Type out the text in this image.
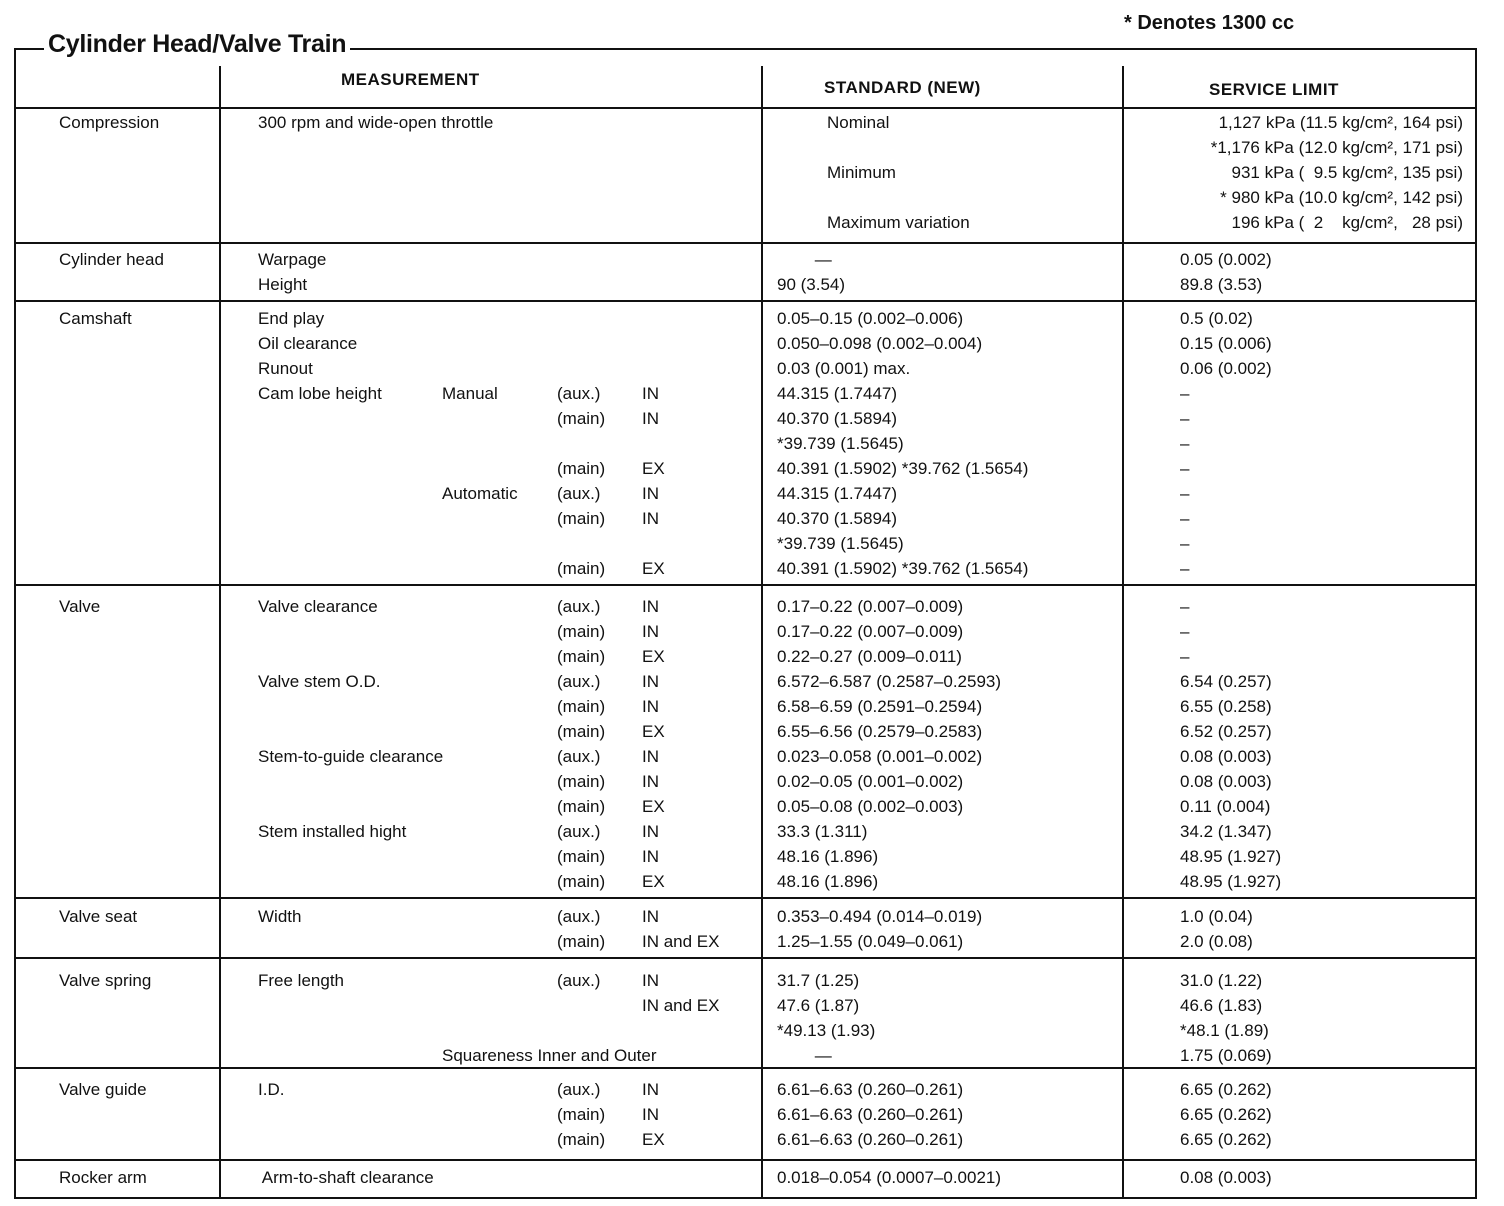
* Denotes 1300 cc
Cylinder Head/Valve Train
MEASUREMENT	STANDARD (NEW)	SERVICE LIMIT
Compression	300 rpm and wide-open throttle	Nominal	1,127 kPa (11.5 kg/cm², 164 psi)
*1,176 kPa (12.0 kg/cm², 171 psi)
Minimum	931 kPa (  9.5 kg/cm², 135 psi)
* 980 kPa (10.0 kg/cm², 142 psi)
Maximum variation	196 kPa (  2    kg/cm²,   28 psi)
Cylinder head	Warpage	—	0.05 (0.002)
Height	90 (3.54)	89.8 (3.53)
Camshaft	End play	0.05–0.15 (0.002–0.006)	0.5 (0.02)
Oil clearance	0.050–0.098 (0.002–0.004)	0.15 (0.006)
Runout	0.03 (0.001) max.	0.06 (0.002)
Cam lobe height	Manual	(aux.) IN	44.315 (1.7447)	–
(main) IN	40.370 (1.5894)	–
*39.739 (1.5645)	–
(main) EX	40.391 (1.5902) *39.762 (1.5654)	–
Automatic (aux.) IN	44.315 (1.7447)	–
(main) IN	40.370 (1.5894)	–
*39.739 (1.5645)	–
(main) EX	40.391 (1.5902) *39.762 (1.5654)	–
Valve	Valve clearance	(aux.) IN	0.17–0.22 (0.007–0.009)	–
(main) IN	0.17–0.22 (0.007–0.009)	–
(main) EX	0.22–0.27 (0.009–0.011)	–
Valve stem O.D.	(aux.) IN	6.572–6.587 (0.2587–0.2593)	6.54 (0.257)
(main) IN	6.58–6.59 (0.2591–0.2594)	6.55 (0.258)
(main) EX	6.55–6.56 (0.2579–0.2583)	6.52 (0.257)
Stem-to-guide clearance	(aux.) IN	0.023–0.058 (0.001–0.002)	0.08 (0.003)
(main) IN	0.02–0.05 (0.001–0.002)	0.08 (0.003)
(main) EX	0.05–0.08 (0.002–0.003)	0.11 (0.004)
Stem installed hight	(aux.) IN	33.3 (1.311)	34.2 (1.347)
(main) IN	48.16 (1.896)	48.95 (1.927)
(main) EX	48.16 (1.896)	48.95 (1.927)
Valve seat	Width	(aux.) IN	0.353–0.494 (0.014–0.019)	1.0 (0.04)
(main) IN and EX	1.25–1.55 (0.049–0.061)	2.0 (0.08)
Valve spring	Free length	(aux.) IN	31.7 (1.25)	31.0 (1.22)
IN and EX	47.6 (1.87)	46.6 (1.83)
*49.13 (1.93)	*48.1 (1.89)
Squareness Inner and Outer	—	1.75 (0.069)
Valve guide	I.D.	(aux.) IN	6.61–6.63 (0.260–0.261)	6.65 (0.262)
(main) IN	6.61–6.63 (0.260–0.261)	6.65 (0.262)
(main) EX	6.61–6.63 (0.260–0.261)	6.65 (0.262)
Rocker arm	Arm-to-shaft clearance	0.018–0.054 (0.0007–0.0021)	0.08 (0.003)
